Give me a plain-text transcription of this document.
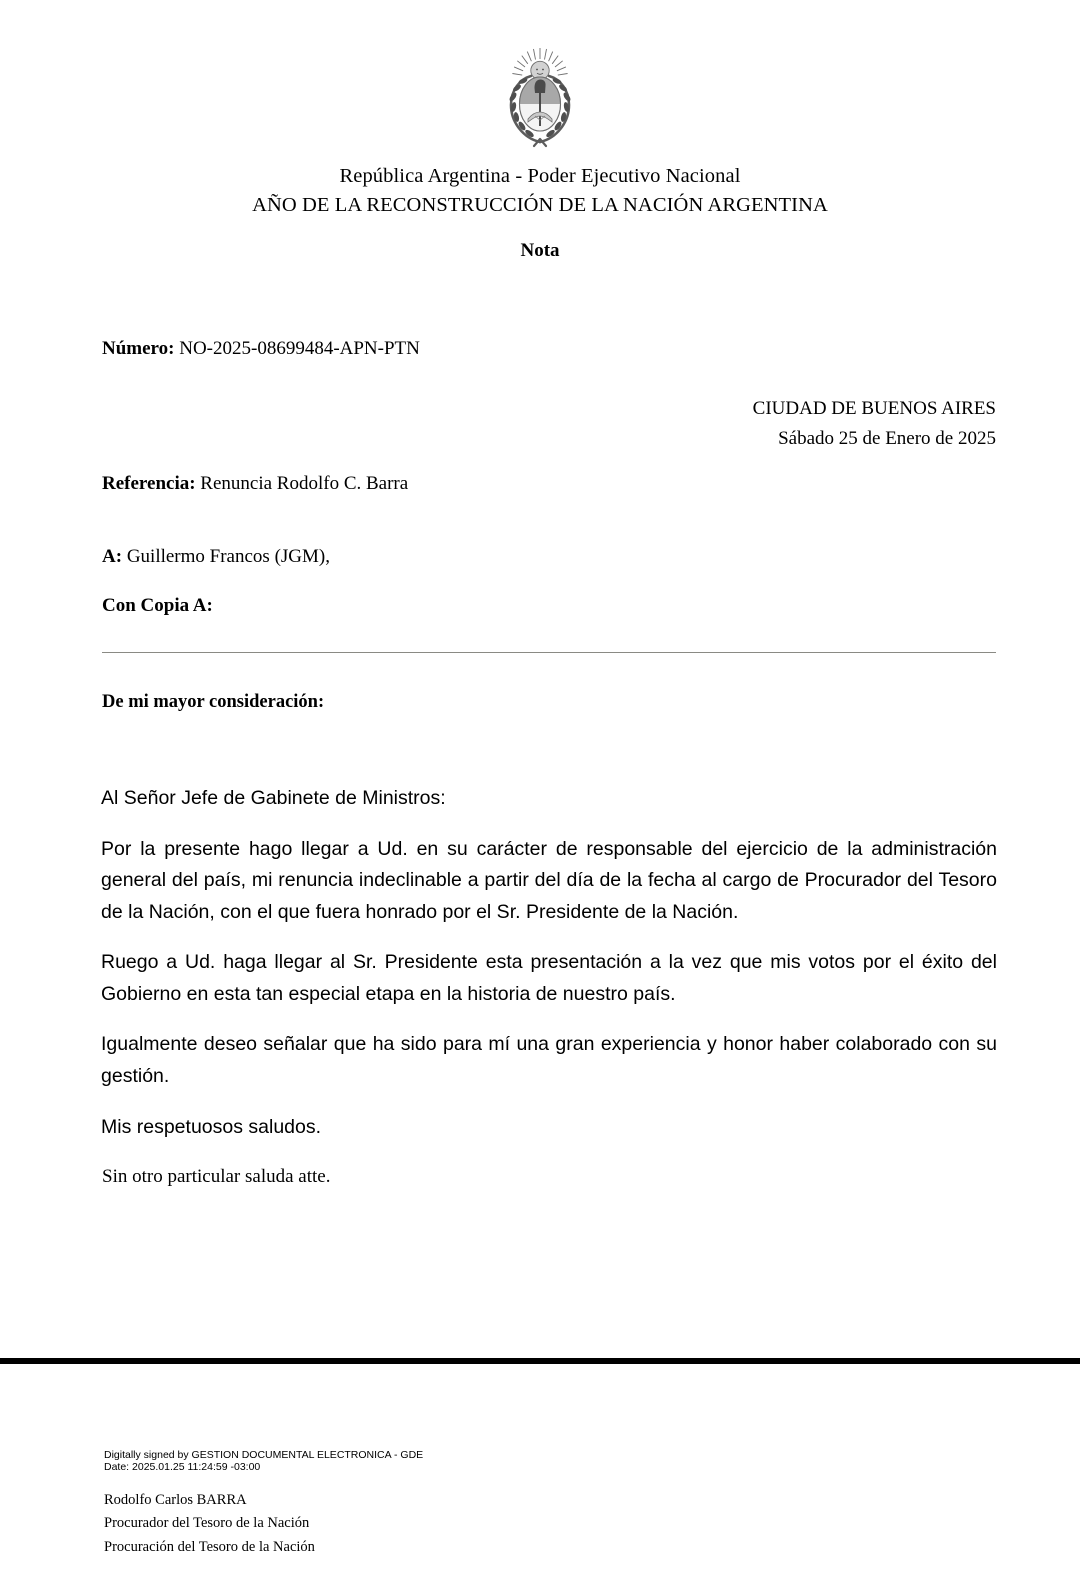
República Argentina - Poder Ejecutivo Nacional
AÑO DE LA RECONSTRUCCIÓN DE LA NACIÓN ARGENTINA
Nota
Número: NO-2025-08699484-APN-PTN
CIUDAD DE BUENOS AIRES
Sábado 25 de Enero de 2025
Referencia: Renuncia Rodolfo C. Barra
A: Guillermo Francos (JGM),
Con Copia A:
De mi mayor consideración:

Al Señor Jefe de Gabinete de Ministros:

Por la presente hago llegar a Ud. en su carácter de responsable del ejercicio de la administración general del país, mi renuncia indeclinable a partir del día de la fecha al cargo de Procurador del Tesoro de la Nación, con el que fuera honrado por el Sr. Presidente de la Nación.

Ruego a Ud. haga llegar al Sr. Presidente esta presentación a la vez que mis votos por el éxito del Gobierno en esta tan especial etapa en la historia de nuestro país.

Igualmente deseo señalar que ha sido para mí una gran experiencia y honor haber colaborado con su gestión.

Mis respetuosos saludos.

Sin otro particular saluda atte.
Digitally signed by GESTION DOCUMENTAL ELECTRONICA - GDE
Date: 2025.01.25 11:24:59 -03:00
Rodolfo Carlos BARRA
Procurador del Tesoro de la Nación
Procuración del Tesoro de la Nación
